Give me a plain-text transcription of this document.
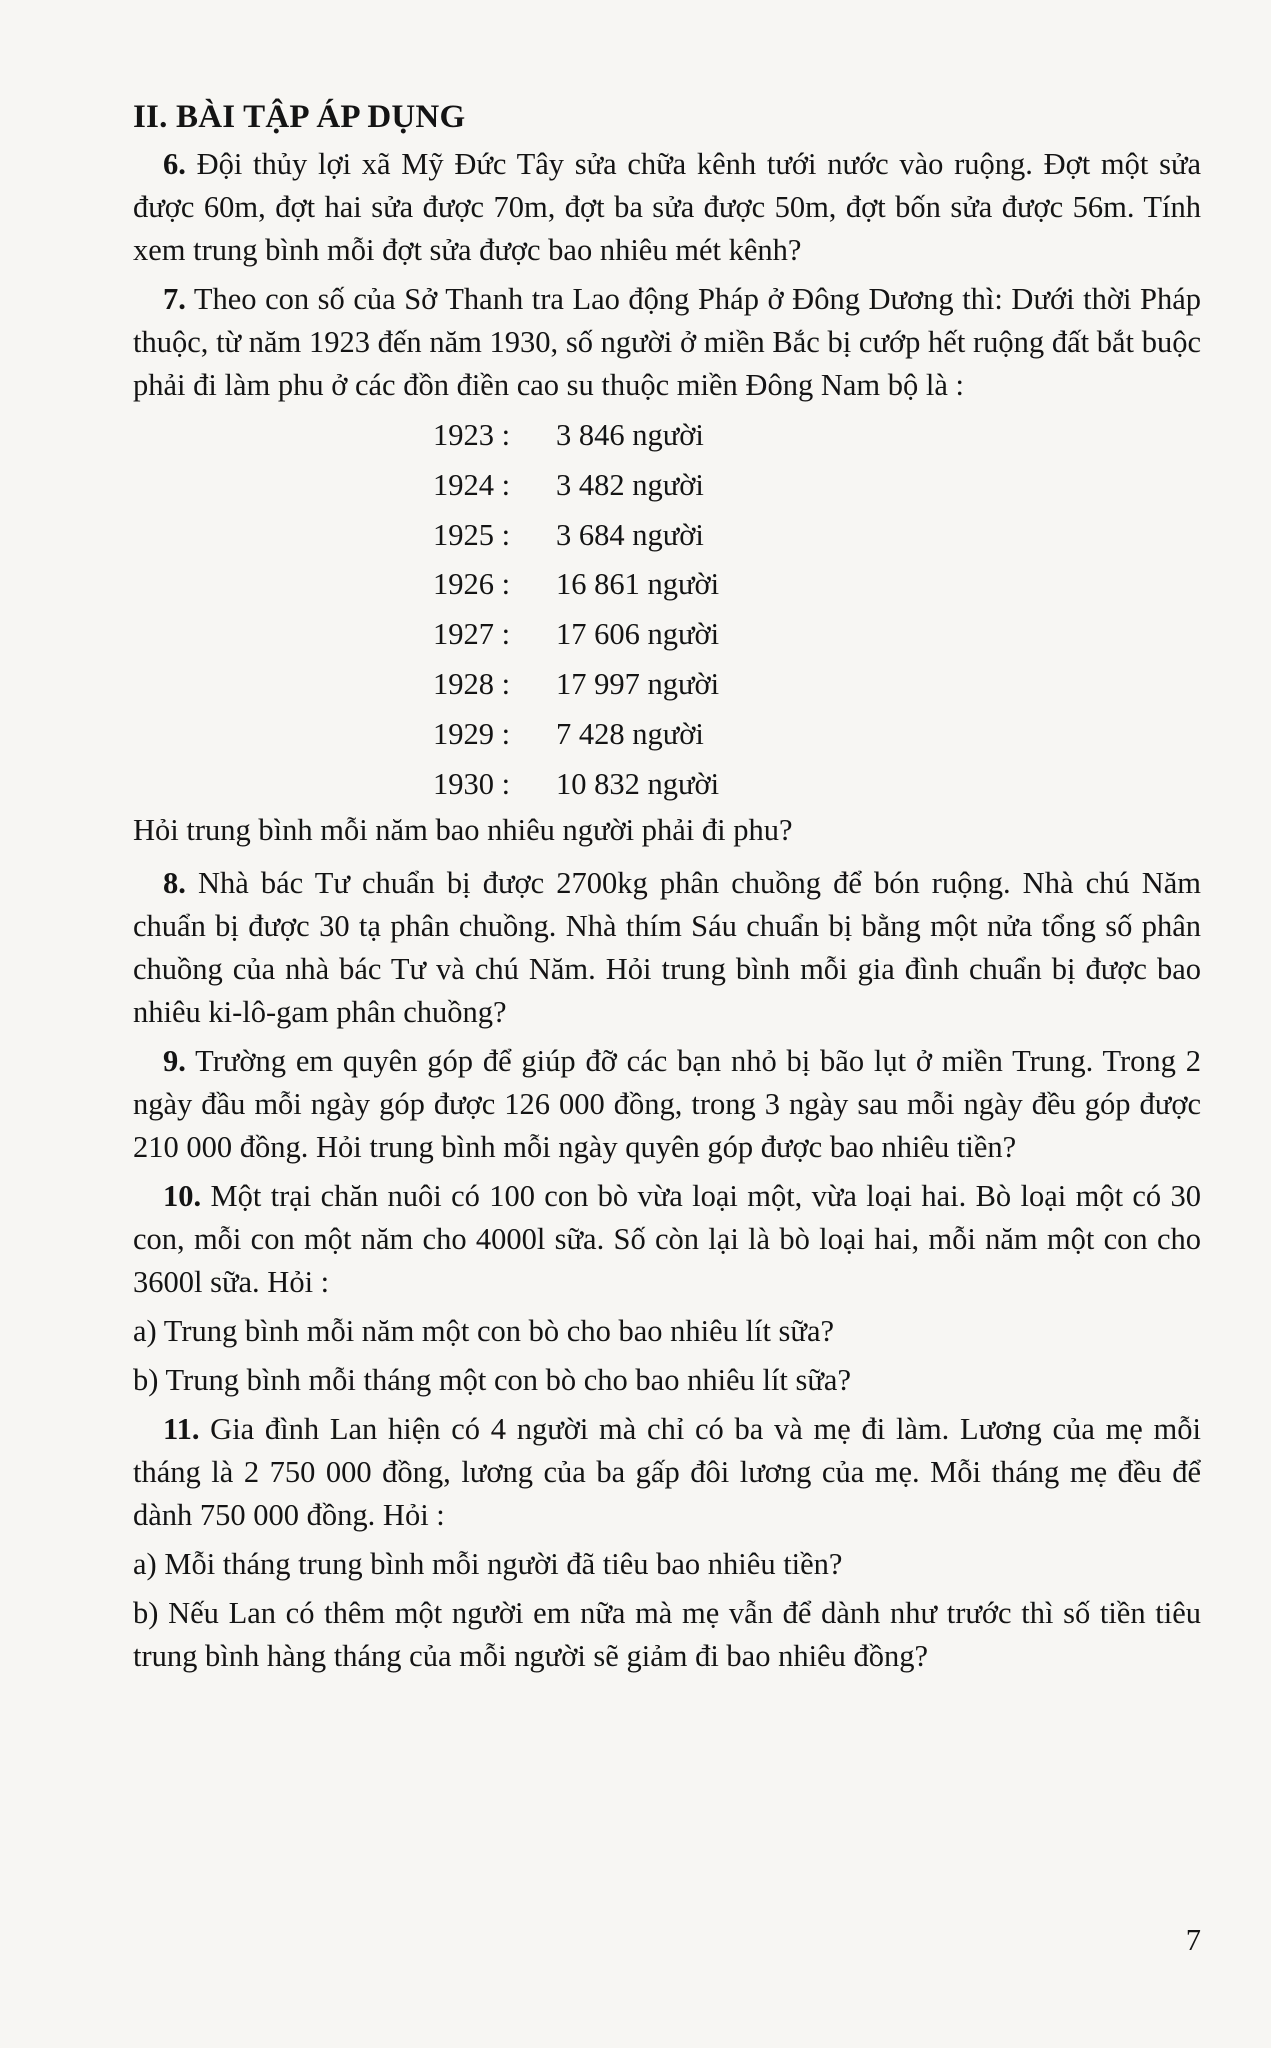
II. BÀI TẬP ÁP DỤNG

6. Đội thủy lợi xã Mỹ Đức Tây sửa chữa kênh tưới nước vào ruộng. Đợt một sửa được 60m, đợt hai sửa được 70m, đợt ba sửa được 50m, đợt bốn sửa được 56m. Tính xem trung bình mỗi đợt sửa được bao nhiêu mét kênh?

7. Theo con số của Sở Thanh tra Lao động Pháp ở Đông Dương thì: Dưới thời Pháp thuộc, từ năm 1923 đến năm 1930, số người ở miền Bắc bị cướp hết ruộng đất bắt buộc phải đi làm phu ở các đồn điền cao su thuộc miền Đông Nam bộ là :

1923 :	3 846 người
1924 :	3 482 người
1925 :	3 684 người
1926 :	16 861 người
1927 :	17 606 người
1928 :	17 997 người
1929 :	7 428 người
1930 :	10 832 người

Hỏi trung bình mỗi năm bao nhiêu người phải đi phu?

8. Nhà bác Tư chuẩn bị được 2700kg phân chuồng để bón ruộng. Nhà chú Năm chuẩn bị được 30 tạ phân chuồng. Nhà thím Sáu chuẩn bị bằng một nửa tổng số phân chuồng của nhà bác Tư và chú Năm. Hỏi trung bình mỗi gia đình chuẩn bị được bao nhiêu ki-lô-gam phân chuồng?

9. Trường em quyên góp để giúp đỡ các bạn nhỏ bị bão lụt ở miền Trung. Trong 2 ngày đầu mỗi ngày góp được 126 000 đồng, trong 3 ngày sau mỗi ngày đều góp được 210 000 đồng. Hỏi trung bình mỗi ngày quyên góp được bao nhiêu tiền?

10. Một trại chăn nuôi có 100 con bò vừa loại một, vừa loại hai. Bò loại một có 30 con, mỗi con một năm cho 4000l sữa. Số còn lại là bò loại hai, mỗi năm một con cho 3600l sữa. Hỏi :

a) Trung bình mỗi năm một con bò cho bao nhiêu lít sữa?

b) Trung bình mỗi tháng một con bò cho bao nhiêu lít sữa?

11. Gia đình Lan hiện có 4 người mà chỉ có ba và mẹ đi làm. Lương của mẹ mỗi tháng là 2 750 000 đồng, lương của ba gấp đôi lương của mẹ. Mỗi tháng mẹ đều để dành 750 000 đồng. Hỏi :

a) Mỗi tháng trung bình mỗi người đã tiêu bao nhiêu tiền?

b) Nếu Lan có thêm một người em nữa mà mẹ vẫn để dành như trước thì số tiền tiêu trung bình hàng tháng của mỗi người sẽ giảm đi bao nhiêu đồng?

7
